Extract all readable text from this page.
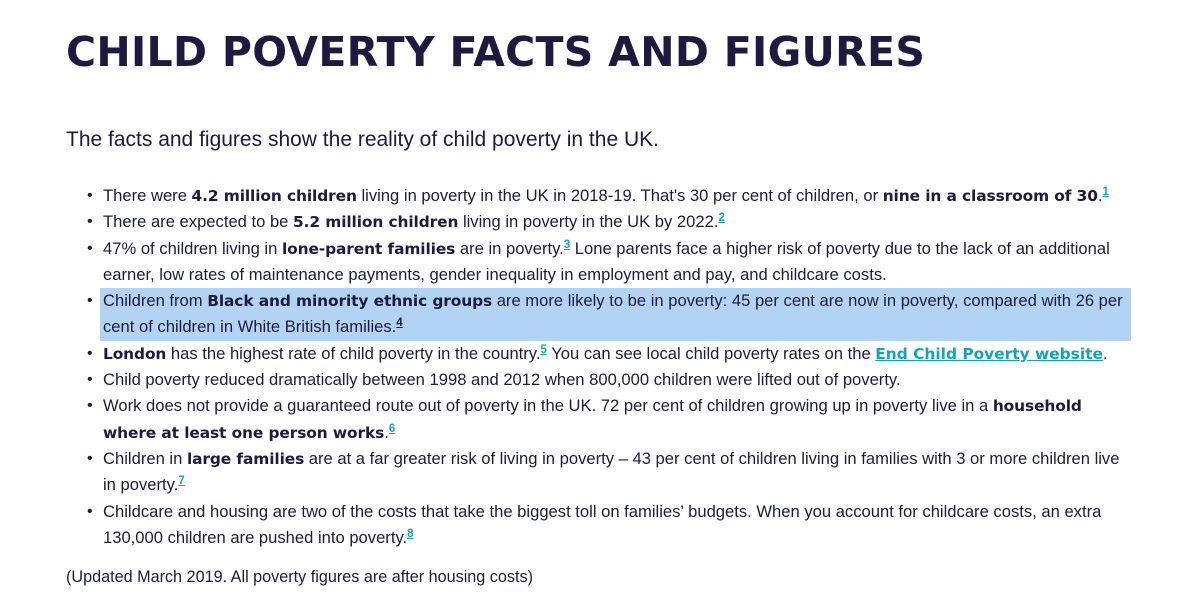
CHILD POVERTY FACTS AND FIGURES

The facts and figures show the reality of child poverty in the UK.

• There were 4.2 million children living in poverty in the UK in 2018-19. That's 30 per cent of children, or nine in a classroom of 30.$^1$
• There are expected to be 5.2 million children living in poverty in the UK by 2022.$^2$
• 47% of children living in lone-parent families are in poverty.$^3$ Lone parents face a higher risk of poverty due to the lack of an additional earner, low rates of maintenance payments, gender inequality in employment and pay, and childcare costs.
• Children from Black and minority ethnic groups are more likely to be in poverty: 45 per cent are now in poverty, compared with 26 per cent of children in White British families.$^4$
• London has the highest rate of child poverty in the country.$^5$ You can see local child poverty rates on the End Child Poverty website.
• Child poverty reduced dramatically between 1998 and 2012 when 800,000 children were lifted out of poverty.
• Work does not provide a guaranteed route out of poverty in the UK. 72 per cent of children growing up in poverty live in a household where at least one person works.$^6$
• Children in large families are at a far greater risk of living in poverty – 43 per cent of children living in families with 3 or more children live in poverty.$^7$
• Childcare and housing are two of the costs that take the biggest toll on families’ budgets. When you account for childcare costs, an extra 130,000 children are pushed into poverty.$^8$

(Updated March 2019. All poverty figures are after housing costs)
